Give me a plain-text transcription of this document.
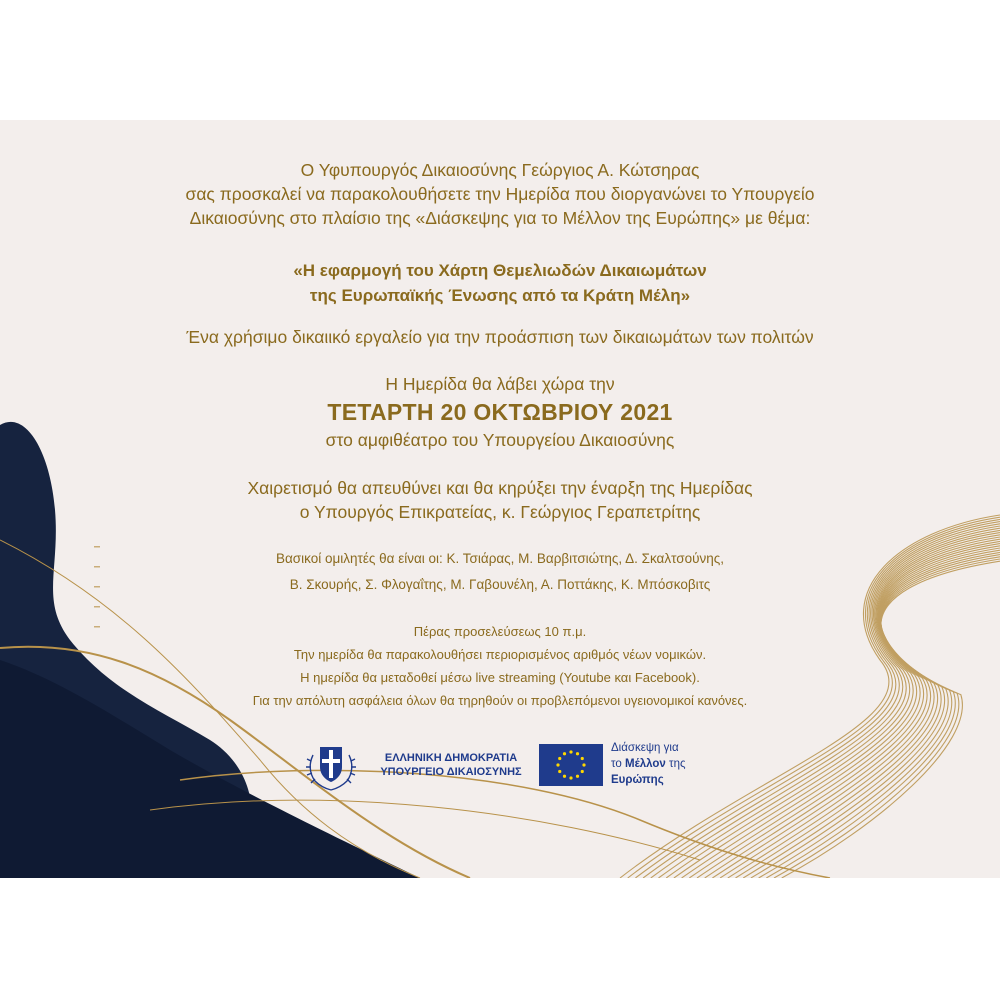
Ο Υφυπουργός Δικαιοσύνης Γεώργιος Α. Κώτσηρας
σας προσκαλεί να παρακολουθήσετε την Ημερίδα που διοργανώνει το Υπουργείο
Δικαιοσύνης στο πλαίσιο της «Διάσκεψης για το Μέλλον της Ευρώπης» με θέμα:
«Η εφαρμογή του Χάρτη Θεμελιωδών Δικαιωμάτων
της Ευρωπαϊκής Ένωσης από τα Κράτη Μέλη»
Ένα χρήσιμο δικαιικό εργαλείο για την προάσπιση των δικαιωμάτων των πολιτών
Η Ημερίδα θα λάβει χώρα την
ΤΕΤΑΡΤΗ 20 ΟΚΤΩΒΡΙΟΥ 2021
στο αμφιθέατρο του Υπουργείου Δικαιοσύνης
Χαιρετισμό θα απευθύνει και θα κηρύξει την έναρξη της Ημερίδας
ο Υπουργός Επικρατείας, κ. Γεώργιος Γεραπετρίτης
Βασικοί ομιλητές θα είναι οι: Κ. Τσιάρας, Μ. Βαρβιτσιώτης, Δ. Σκαλτσούνης,
Β. Σκουρής, Σ. Φλογαΐτης, Μ. Γαβουνέλη, Α. Ποττάκης, Κ. Μπόσκοβιτς
Πέρας προσελεύσεως 10 π.μ.
Την ημερίδα θα παρακολουθήσει περιορισμένος αριθμός νέων νομικών.
Η ημερίδα θα μεταδοθεί μέσω live streaming (Youtube και Facebook).
Για την απόλυτη ασφάλεια όλων θα τηρηθούν οι προβλεπόμενοι υγειονομικοί κανόνες.
ΕΛΛΗΝΙΚΗ ΔΗΜΟΚΡΑΤΙΑ
ΥΠΟΥΡΓΕΙΟ ΔΙΚΑΙΟΣΥΝΗΣ
Διάσκεψη για
το Μέλλον της
Ευρώπης
